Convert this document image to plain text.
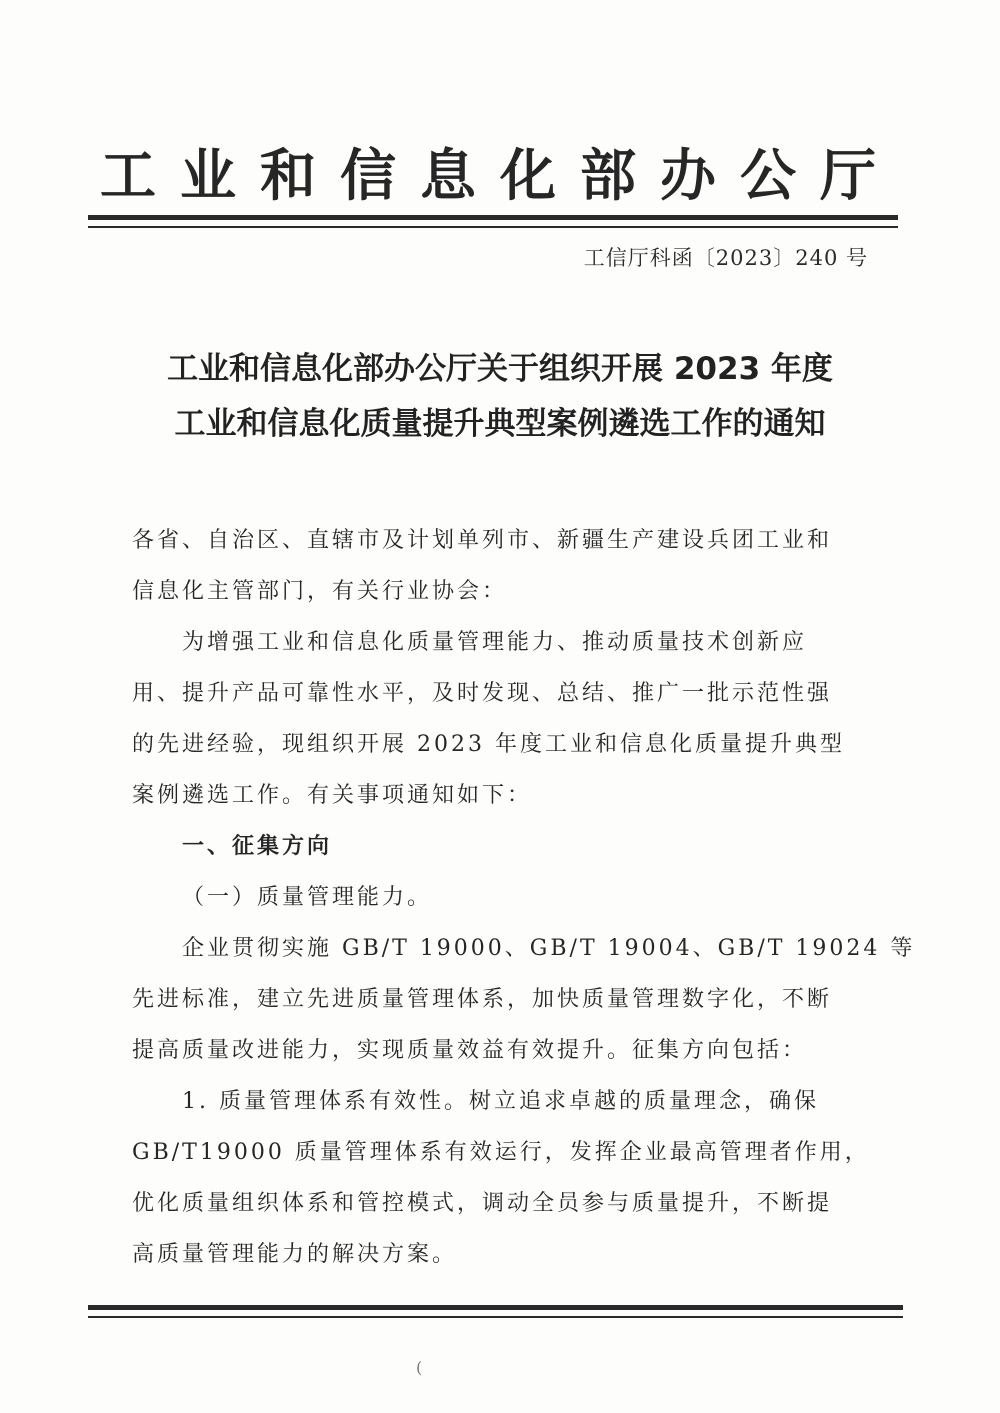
工业和信息化部办公厅
工信厅科函〔2023〕240 号
工业和信息化部办公厅关于组织开展 2023 年度
工业和信息化质量提升典型案例遴选工作的通知
各省、自治区、直辖市及计划单列市、新疆生产建设兵团工业和
信息化主管部门，有关行业协会：
为增强工业和信息化质量管理能力、推动质量技术创新应
用、提升产品可靠性水平，及时发现、总结、推广一批示范性强
的先进经验，现组织开展 2023 年度工业和信息化质量提升典型
案例遴选工作。有关事项通知如下：
一、征集方向
（一）质量管理能力。
企业贯彻实施 GB/T 19000、GB/T 19004、GB/T 19024 等
先进标准，建立先进质量管理体系，加快质量管理数字化，不断
提高质量改进能力，实现质量效益有效提升。征集方向包括：
1. 质量管理体系有效性。树立追求卓越的质量理念，确保
GB/T19000 质量管理体系有效运行，发挥企业最高管理者作用，
优化质量组织体系和管控模式，调动全员参与质量提升，不断提
高质量管理能力的解决方案。
(
